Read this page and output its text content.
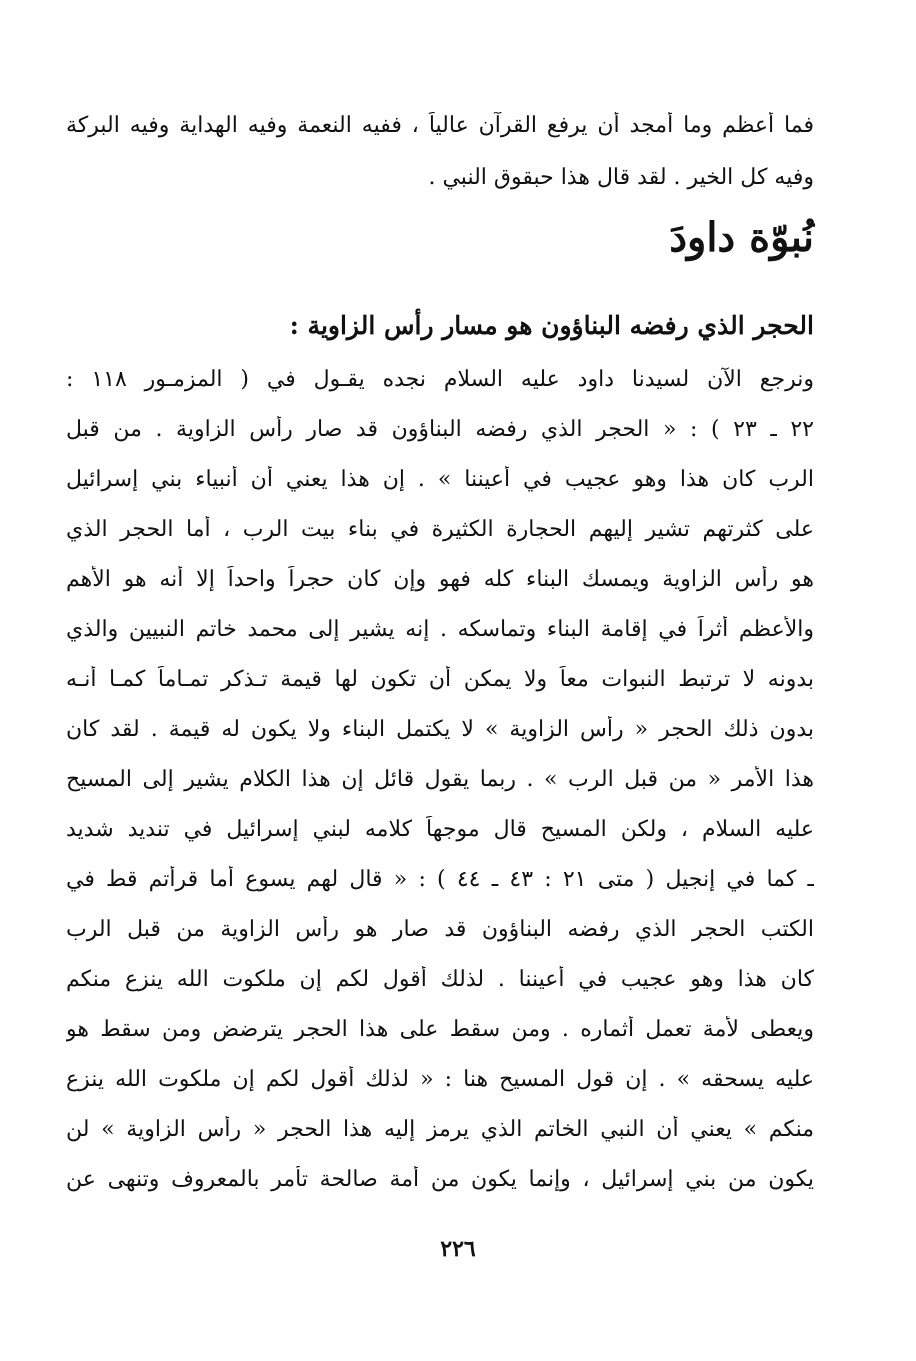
فما أعظم وما أمجد أن يرفع القرآن عالياً ، ففيه النعمة وفيه الهداية وفيه البركة
وفيه كل الخير . لقد قال هذا حبقوق النبي .
نُبوّة داودَ
الحجر الذي رفضه البناؤون هو مسار رأس الزاوية :
ونرجع الآن لسيدنا داود عليه السلام نجده يقـول في ( المزمـور ١١٨ :
٢٢ ـ ٢٣ ) : « الحجر الذي رفضه البناؤون قد صار رأس الزاوية . من قبل
الرب كان هذا وهو عجيب في أعيننا » . إن هذا يعني أن أنبياء بني إسرائيل
على كثرتهم تشير إليهم الحجارة الكثيرة في بناء بيت الرب ، أما الحجر الذي
هو رأس الزاوية ويمسك البناء كله فهو وإن كان حجراً واحداً إلا أنه هو الأهم
والأعظم أثراً في إقامة البناء وتماسكه . إنه يشير إلى محمد خاتم النبيين والذي
بدونه لا ترتبط النبوات معاً ولا يمكن أن تكون لها قيمة تـذكر تمـاماً كمـا أنـه
بدون ذلك الحجر « رأس الزاوية » لا يكتمل البناء ولا يكون له قيمة . لقد كان
هذا الأمر « من قبل الرب » . ربما يقول قائل إن هذا الكلام يشير إلى المسيح
عليه السلام ، ولكن المسيح قال موجهاً كلامه لبني إسرائيل في تنديد شديد
ـ كما في إنجيل ( متى ٢١ : ٤٣ ـ ٤٤ ) : « قال لهم يسوع أما قرأتم قط في
الكتب الحجر الذي رفضه البناؤون قد صار هو رأس الزاوية من قبل الرب
كان هذا وهو عجيب في أعيننا . لذلك أقول لكم إن ملكوت الله ينزع منكم
ويعطى لأمة تعمل أثماره . ومن سقط على هذا الحجر يترضض ومن سقط هو
عليه يسحقه » . إن قول المسيح هنا : « لذلك أقول لكم إن ملكوت الله ينزع
منكم » يعني أن النبي الخاتم الذي يرمز إليه هذا الحجر « رأس الزاوية » لن
يكون من بني إسرائيل ، وإنما يكون من أمة صالحة تأمر بالمعروف وتنهى عن
٢٢٦
